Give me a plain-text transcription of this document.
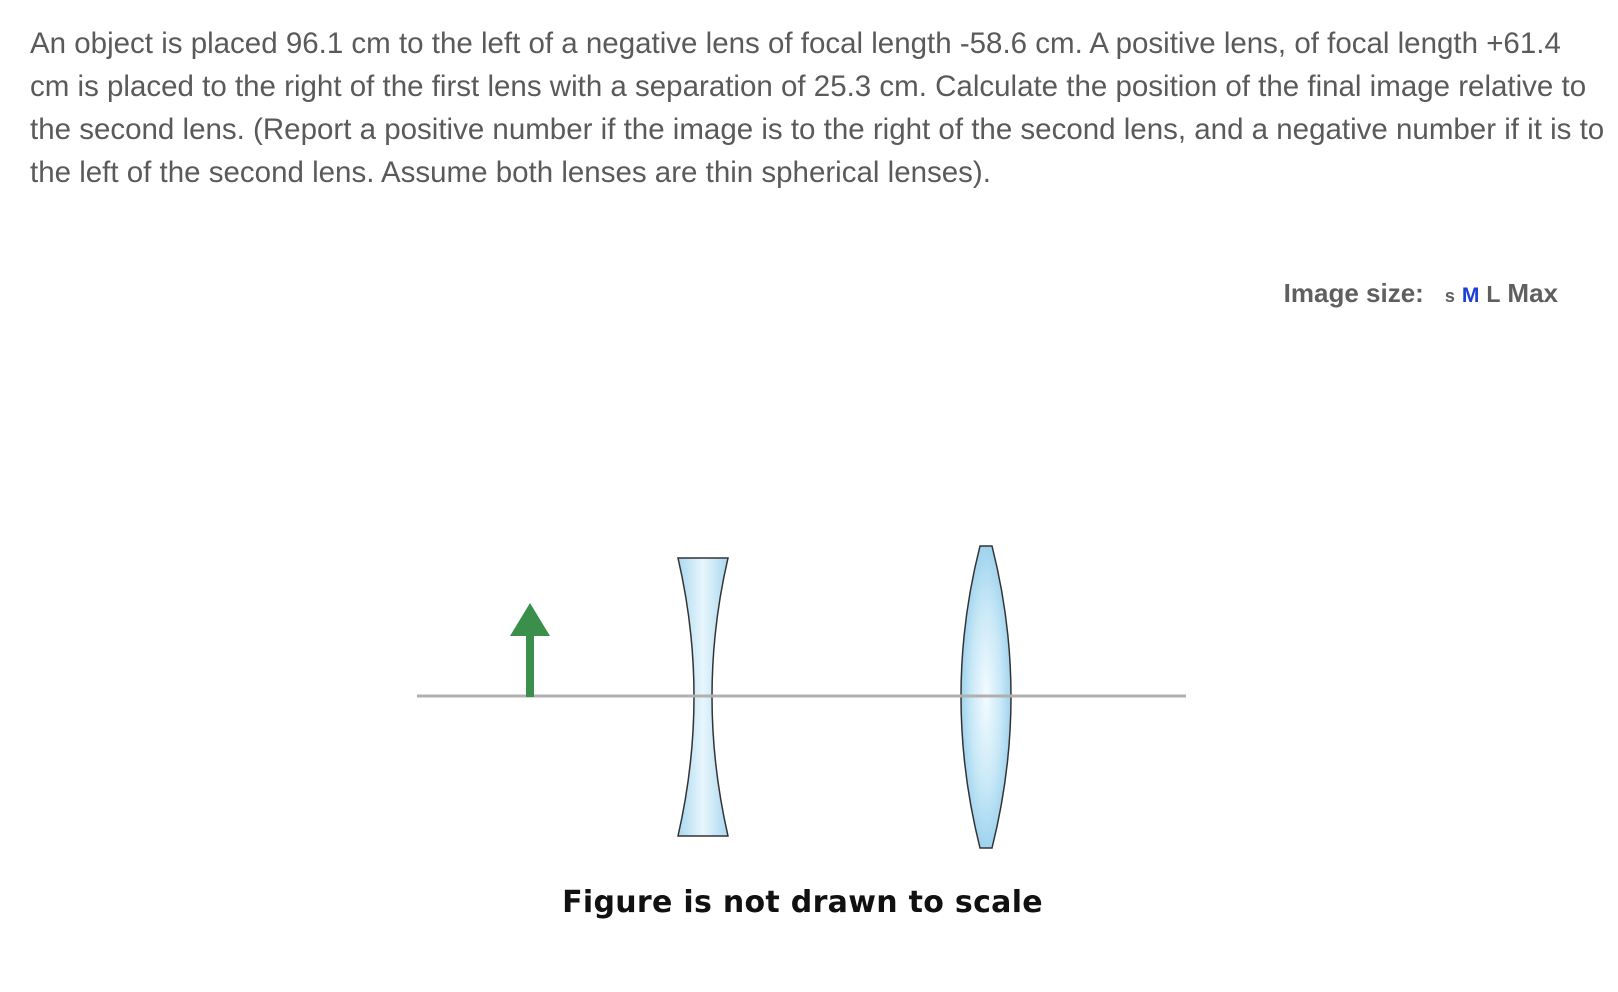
An object is placed 96.1 cm to the left of a negative lens of focal length -58.6 cm. A positive lens, of focal length +61.4 cm is placed to the right of the first lens with a separation of 25.3 cm. Calculate the position of the final image relative to the second lens. (Report a positive number if the image is to the right of the second lens, and a negative number if it is to the left of the second lens. Assume both lenses are thin spherical lenses).

Image size: s M L Max

Figure is not drawn to scale
